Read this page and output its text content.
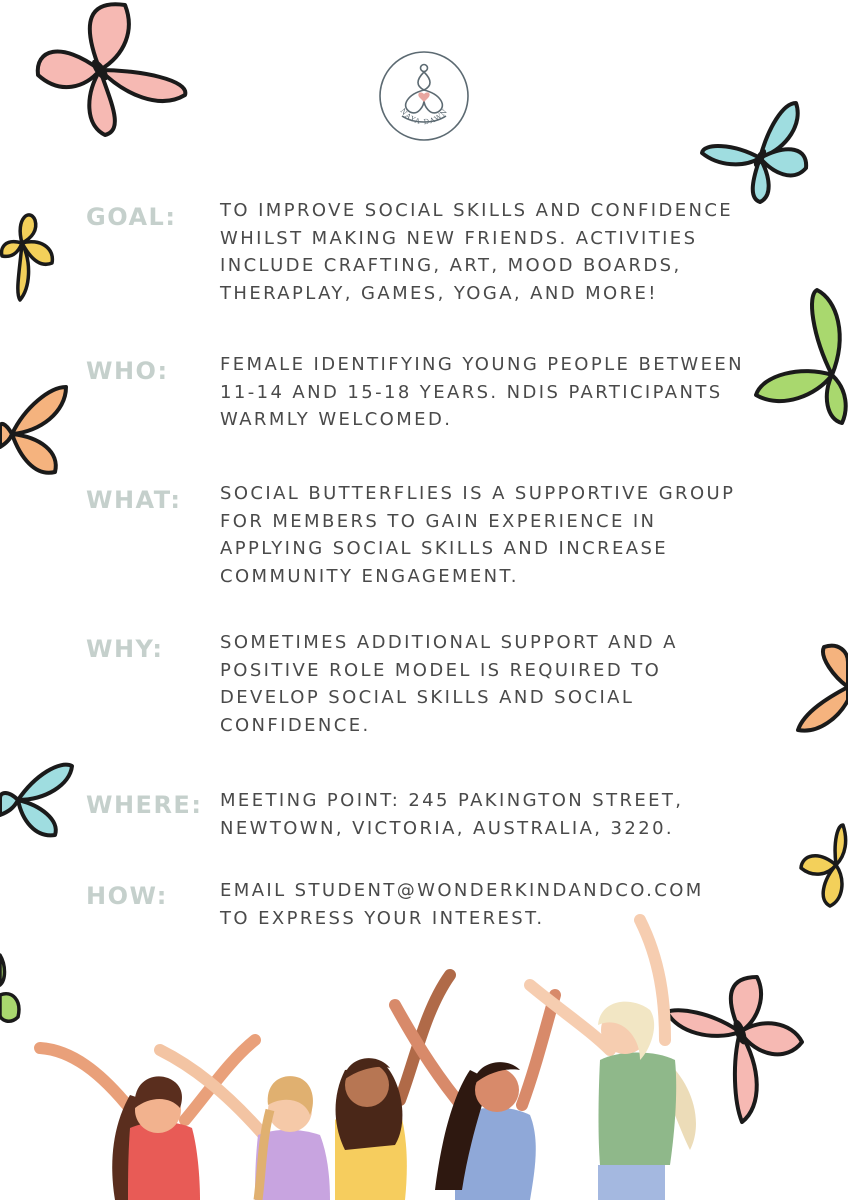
NAYA DAWN
GOAL: TO IMPROVE SOCIAL SKILLS AND CONFIDENCE
WHILST MAKING NEW FRIENDS. ACTIVITIES
INCLUDE CRAFTING, ART, MOOD BOARDS,
THERAPLAY, GAMES, YOGA, AND MORE!
WHO:	FEMALE IDENTIFYING YOUNG PEOPLE BETWEEN
11-14 AND 15-18 YEARS. NDIS PARTICIPANTS
WARMLY WELCOMED.
WHAT: SOCIAL BUTTERFLIES IS A SUPPORTIVE GROUP
FOR MEMBERS TO GAIN EXPERIENCE IN
APPLYING SOCIAL SKILLS AND INCREASE
COMMUNITY ENGAGEMENT.
WHY:	SOMETIMES ADDITIONAL SUPPORT AND A
POSITIVE ROLE MODEL IS REQUIRED TO
DEVELOP SOCIAL SKILLS AND SOCIAL
CONFIDENCE.
WHERE: MEETING POINT: 245 PAKINGTON STREET,
NEWTOWN, VICTORIA, AUSTRALIA, 3220.
HOW:	EMAIL STUDENT@WONDERKINDANDCO.COM
TO EXPRESS YOUR INTEREST.
